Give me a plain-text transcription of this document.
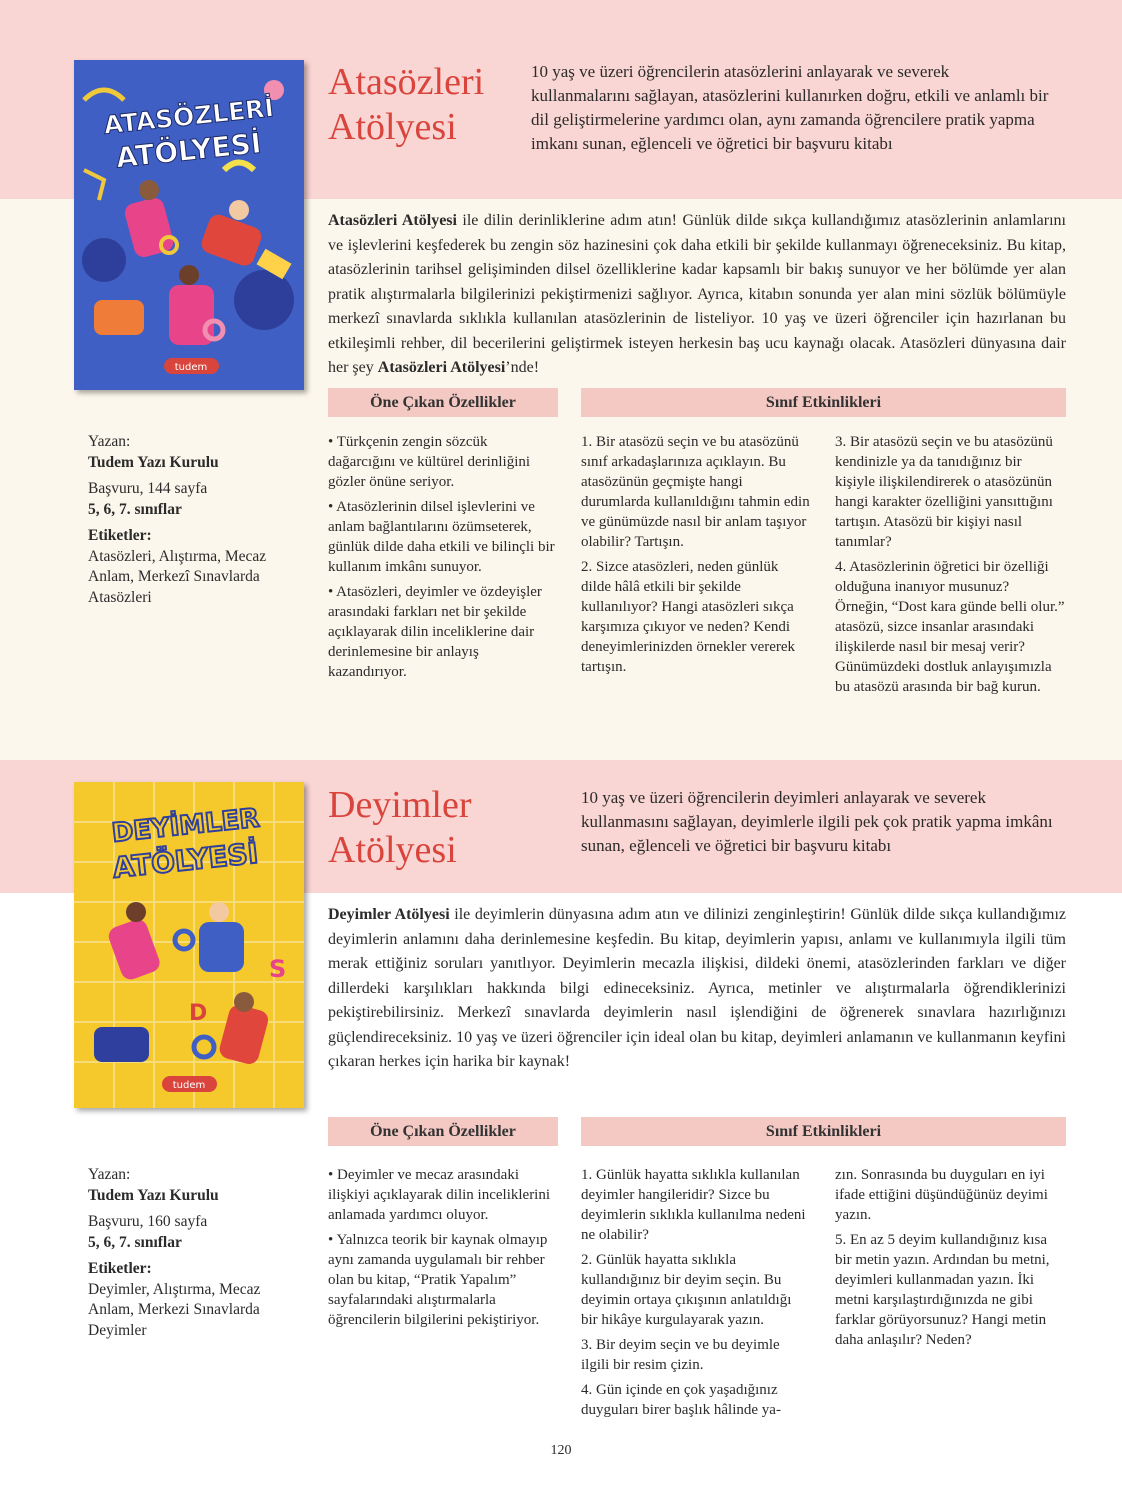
ATASÖZLERİ
ATÖLYESİ
tudem
Atasözleri
Atölyesi

10 yaş ve üzeri öğrencilerin atasözlerini anlayarak ve severek kullanmalarını sağlayan, atasözlerini kullanırken doğru, etkili ve anlamlı bir dil geliştirmelerine yardımcı olan, aynı zamanda öğrencilere pratik yapma imkanı sunan, eğlenceli ve öğretici bir başvuru kitabı

Atasözleri Atölyesi ile dilin derinliklerine adım atın! Günlük dilde sıkça kullandığımız atasözlerinin anlamlarını ve işlevlerini keşfederek bu zengin söz hazinesini çok daha etkili bir şekilde kullanmayı öğreneceksiniz. Bu kitap, atasözlerinin tarihsel gelişiminden dilsel özelliklerine kadar kapsamlı bir bakış sunuyor ve her bölümde yer alan pratik alıştırmalarla bilgilerinizi pekiştirmenizi sağlıyor. Ayrıca, kitabın sonunda yer alan mini sözlük bölümüyle merkezî sınavlarda sıklıkla kullanılan atasözlerinin de listeliyor. 10 yaş ve üzeri öğrenciler için hazırlanan bu etkileşimli rehber, dil becerilerini geliştirmek isteyen herkesin baş ucu kaynağı olacak. Atasözleri dünyasına dair her şey Atasözleri Atölyesi’nde!

Öne Çıkan Özellikler	Sınıf Etkinlikleri
Yazan:
Tudem Yazı Kurulu
Başvuru, 144 sayfa
5, 6, 7. sınıflar
Etiketler:
Atasözleri, Alıştırma, Mecaz Anlam, Merkezî Sınavlarda Atasözleri

• Türkçenin zengin sözcük dağarcığını ve kültürel derinliğini gözler önüne seriyor.

• Atasözlerinin dilsel işlevlerini ve anlam bağlantılarını özümseterek, günlük dilde daha etkili ve bilinçli bir kullanım imkânı sunuyor.

• Atasözleri, deyimler ve özdeyişler arasındaki farkları net bir şekilde açıklayarak dilin inceliklerine dair derinlemesine bir anlayış kazandırıyor.

1. Bir atasözü seçin ve bu atasözünü sınıf arkadaşlarınıza açıklayın. Bu atasözünün geçmişte hangi durumlarda kullanıldığını tahmin edin ve günümüzde nasıl bir anlam taşıyor olabilir? Tartışın.

2. Sizce atasözleri, neden günlük dilde hâlâ etkili bir şekilde kullanılıyor? Hangi atasözleri sıkça karşımıza çıkıyor ve neden? Kendi deneyimlerinizden örnekler vererek tartışın.

3. Bir atasözü seçin ve bu atasözünü kendinizle ya da tanıdığınız bir kişiyle ilişkilendirerek o atasözünün hangi karakter özelliğini yansıttığını tartışın. Atasözü bir kişiyi nasıl tanımlar?

4. Atasözlerinin öğretici bir özelliği olduğuna inanıyor musunuz? Örneğin, “Dost kara günde belli olur.” atasözü, sizce insanlar arasındaki ilişkilerde nasıl bir mesaj verir? Günümüzdeki dostluk anlayışımızla bu atasözü arasında bir bağ kurun.

D
S
DEYİMLER
ATÖLYESİ
tudem
Deyimler
Atölyesi

10 yaş ve üzeri öğrencilerin deyimleri anlayarak ve severek kullanmasını sağlayan, deyimlerle ilgili pek çok pratik yapma imkânı sunan, eğlenceli ve öğretici bir başvuru kitabı

Deyimler Atölyesi ile deyimlerin dünyasına adım atın ve dilinizi zenginleştirin! Günlük dilde sıkça kullandığımız deyimlerin anlamını daha derinlemesine keşfedin. Bu kitap, deyimlerin yapısı, anlamı ve kullanımıyla ilgili tüm merak ettiğiniz soruları yanıtlıyor. Deyimlerin mecazla ilişkisi, dildeki önemi, atasözlerinden farkları ve diğer dillerdeki karşılıkları hakkında bilgi edineceksiniz. Ayrıca, metinler ve alıştırmalarla öğrendiklerinizi pekiştirebilirsiniz. Merkezî sınavlarda deyimlerin nasıl işlendiğini de öğrenerek sınavlara hazırlığınızı güçlendireceksiniz. 10 yaş ve üzeri öğrenciler için ideal olan bu kitap, deyimleri anlamanın ve kullanmanın keyfini çıkaran herkes için harika bir kaynak!

Öne Çıkan Özellikler	Sınıf Etkinlikleri
Yazan:
Tudem Yazı Kurulu
Başvuru, 160 sayfa
5, 6, 7. sınıflar
Etiketler:
Deyimler, Alıştırma, Mecaz Anlam, Merkezi Sınavlarda Deyimler

• Deyimler ve mecaz arasındaki ilişkiyi açıklayarak dilin inceliklerini anlamada yardımcı oluyor.

• Yalnızca teorik bir kaynak olmayıp aynı zamanda uygulamalı bir rehber olan bu kitap, “Pratik Yapalım” sayfalarındaki alıştırmalarla öğrencilerin bilgilerini pekiştiriyor.

1. Günlük hayatta sıklıkla kullanılan deyimler hangileridir? Sizce bu deyimlerin sıklıkla kullanılma nedeni ne olabilir?

2. Günlük hayatta sıklıkla kullandığınız bir deyim seçin. Bu deyimin ortaya çıkışının anlatıldığı bir hikâye kurgulayarak yazın.

3. Bir deyim seçin ve bu deyimle ilgili bir resim çizin.

4. Gün içinde en çok yaşadığınız duyguları birer başlık hâlinde ya-

zın. Sonrasında bu duyguları en iyi ifade ettiğini düşündüğünüz deyimi yazın.

5. En az 5 deyim kullandığınız kısa bir metin yazın. Ardından bu metni, deyimleri kullanmadan yazın. İki metni karşılaştırdığınızda ne gibi farklar görüyorsunuz? Hangi metin daha anlaşılır? Neden?

120
